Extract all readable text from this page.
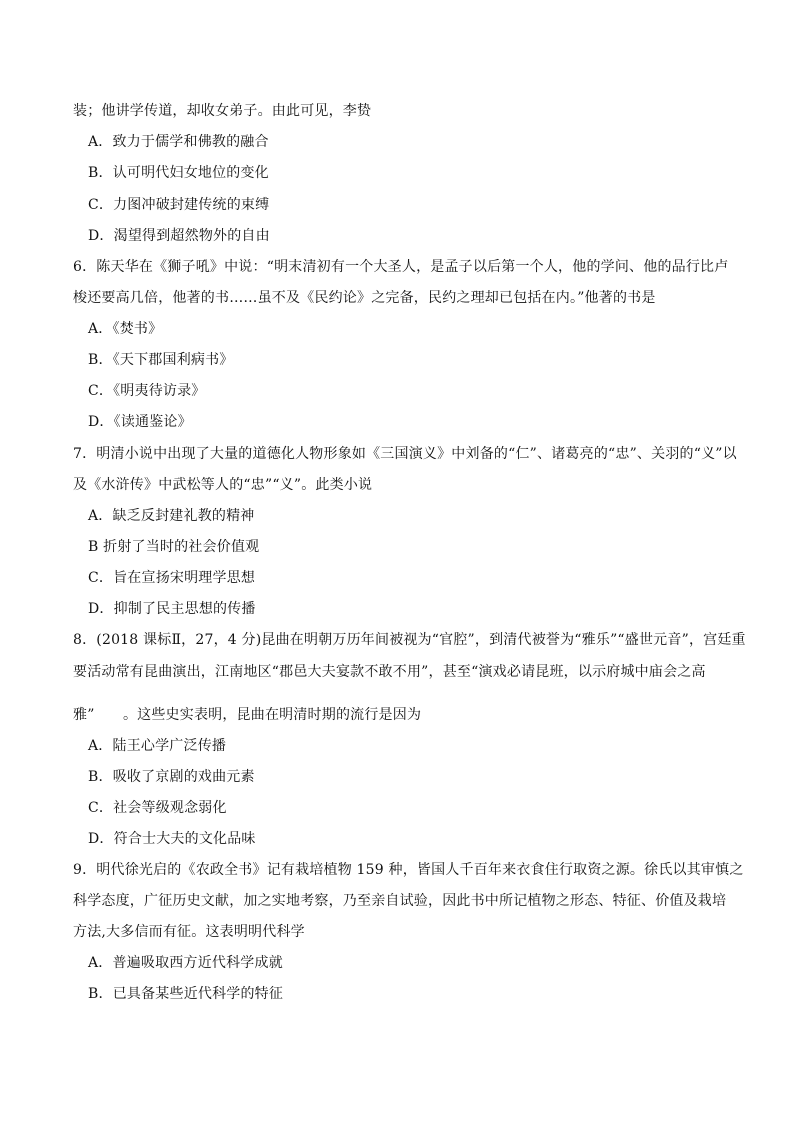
装；他讲学传道，却收女弟子。由此可见，李贽
A．致力于儒学和佛教的融合
B．认可明代妇女地位的变化
C．力图冲破封建传统的束缚
D．渴望得到超然物外的自由
6．陈天华在《狮子吼》中说：“明末清初有一个大圣人，是孟子以后第一个人，他的学问、他的品行比卢
梭还要高几倍，他著的书……虽不及《民约论》之完备，民约之理却已包括在内。”他著的书是
A．《焚书》
B．《天下郡国利病书》
C．《明夷待访录》
D．《读通鉴论》
7．明清小说中出现了大量的道德化人物形象如《三国演义》中刘备的“仁”、诸葛亮的“忠”、关羽的“义”以
及《水浒传》中武松等人的“忠”“义”。此类小说
A．缺乏反封建礼教的精神
B 折射了当时的社会价值观
C．旨在宣扬宋明理学思想
D．抑制了民主思想的传播
8．(2018 课标Ⅱ，27，4 分)昆曲在明朝万历年间被视为“官腔”，到清代被誉为“雅乐”“盛世元音”，宫廷重
要活动常有昆曲演出，江南地区“郡邑大夫宴款不敢不用”，甚至“演戏必请昆班，以示府城中庙会之高
雅”　　。这些史实表明，昆曲在明清时期的流行是因为
A．陆王心学广泛传播
B．吸收了京剧的戏曲元素
C．社会等级观念弱化
D．符合士大夫的文化品味
9．明代徐光启的《农政全书》记有栽培植物 159 种，皆国人千百年来衣食住行取资之源。徐氏以其审慎之
科学态度，广征历史文献，加之实地考察，乃至亲自试验，因此书中所记植物之形态、特征、价值及栽培
方法,大多信而有征。这表明明代科学
A．普遍吸取西方近代科学成就
B．已具备某些近代科学的特征
